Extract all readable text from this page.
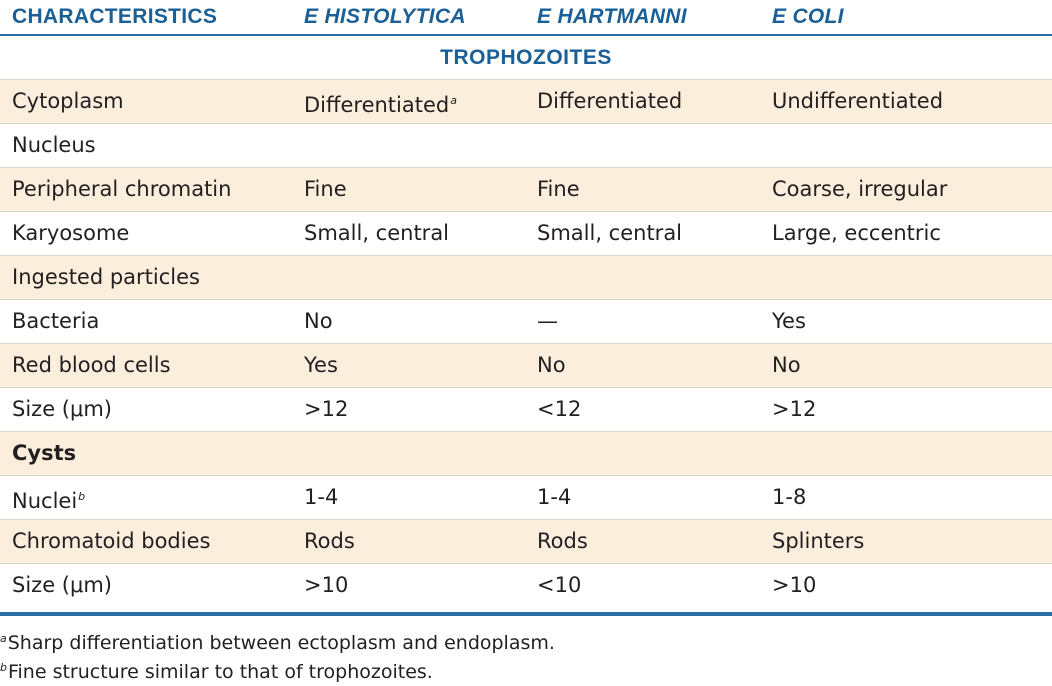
CHARACTERISTICS	E HISTOLYTICA	E HARTMANNI	E COLI
TROPHOZOITES
Cytoplasm	Differentiated$^a$	Differentiated	Undifferentiated
Nucleus
Peripheral chromatin	Fine	Fine	Coarse, irregular
Karyosome	Small, central	Small, central	Large, eccentric
Ingested particles
Bacteria	No	—	Yes
Red blood cells	Yes	No	No
Size (μm)	>12	<12	>12
Cysts
Nuclei$^b$	1-4	1-4	1-8
Chromatoid bodies	Rods	Rods	Splinters
Size (μm)	>10	<10	>10
$^a$Sharp differentiation between ectoplasm and endoplasm.
$^b$Fine structure similar to that of trophozoites.
